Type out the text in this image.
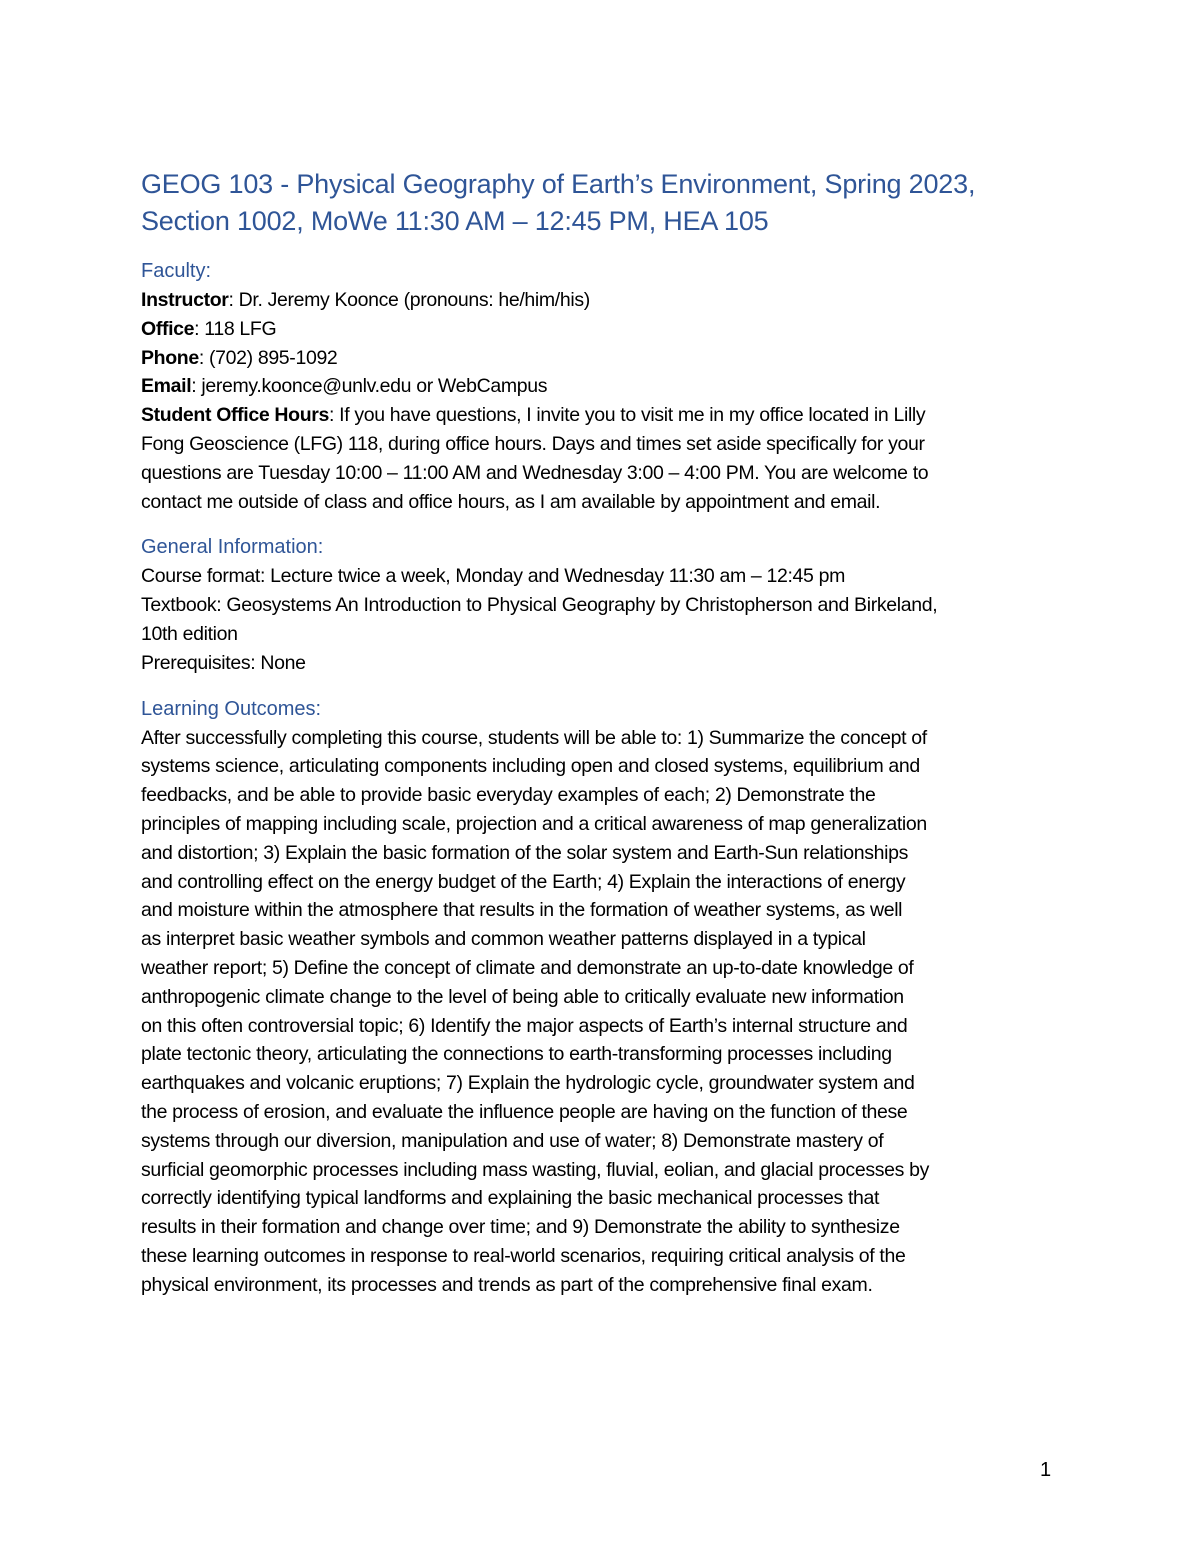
GEOG 103 - Physical Geography of Earth’s Environment, Spring 2023,
Section 1002, MoWe 11:30 AM – 12:45 PM, HEA 105
Faculty:

Instructor: Dr. Jeremy Koonce (pronouns: he/him/his)

Office: 118 LFG

Phone: (702) 895-1092

Email: jeremy.koonce@unlv.edu or WebCampus

Student Office Hours: If you have questions, I invite you to visit me in my office located in Lilly

Fong Geoscience (LFG) 118, during office hours. Days and times set aside specifically for your

questions are Tuesday 10:00 – 11:00 AM and Wednesday 3:00 – 4:00 PM. You are welcome to

contact me outside of class and office hours, as I am available by appointment and email.

General Information:

Course format: Lecture twice a week, Monday and Wednesday 11:30 am – 12:45 pm

Textbook: Geosystems An Introduction to Physical Geography by Christopherson and Birkeland,

10th edition

Prerequisites: None

Learning Outcomes:

After successfully completing this course, students will be able to: 1) Summarize the concept of

systems science, articulating components including open and closed systems, equilibrium and

feedbacks, and be able to provide basic everyday examples of each; 2) Demonstrate the

principles of mapping including scale, projection and a critical awareness of map generalization

and distortion; 3) Explain the basic formation of the solar system and Earth-Sun relationships

and controlling effect on the energy budget of the Earth; 4) Explain the interactions of energy

and moisture within the atmosphere that results in the formation of weather systems, as well

as interpret basic weather symbols and common weather patterns displayed in a typical

weather report; 5) Define the concept of climate and demonstrate an up-to-date knowledge of

anthropogenic climate change to the level of being able to critically evaluate new information

on this often controversial topic; 6) Identify the major aspects of Earth’s internal structure and

plate tectonic theory, articulating the connections to earth-transforming processes including

earthquakes and volcanic eruptions; 7) Explain the hydrologic cycle, groundwater system and

the process of erosion, and evaluate the influence people are having on the function of these

systems through our diversion, manipulation and use of water; 8) Demonstrate mastery of

surficial geomorphic processes including mass wasting, fluvial, eolian, and glacial processes by

correctly identifying typical landforms and explaining the basic mechanical processes that

results in their formation and change over time; and 9) Demonstrate the ability to synthesize

these learning outcomes in response to real-world scenarios, requiring critical analysis of the

physical environment, its processes and trends as part of the comprehensive final exam.

1
